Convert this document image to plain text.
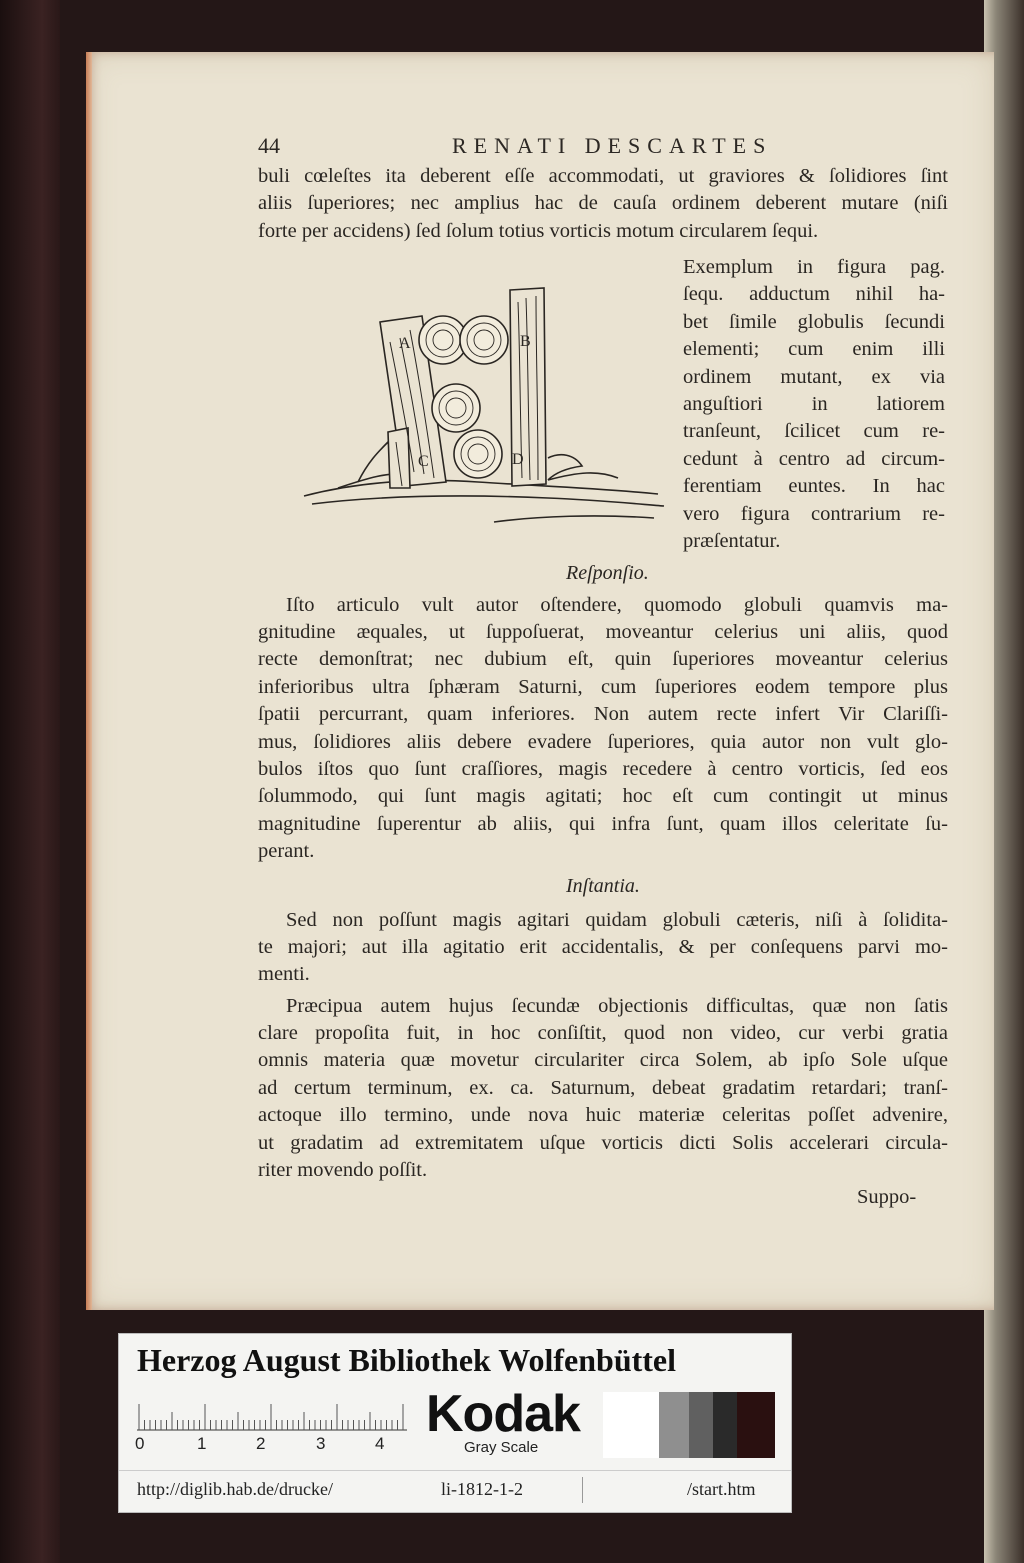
44	RENATI DESCARTES
buli cœleſtes ita deberent eſſe accommodati, ut graviores & ſolidiores ſint
aliis ſuperiores; nec amplius hac de cauſa ordinem deberent mutare (niſi
forte per accidens) ſed ſolum totius vorticis motum circularem ſequi.
A	B
C	D
Exemplum in figura pag.
ſequ. adductum nihil ha-
bet ſimile globulis ſecundi
elementi; cum enim illi
ordinem mutant, ex via
anguſtiori in latiorem
tranſeunt, ſcilicet cum re-
cedunt à centro ad circum-
ferentiam euntes. In hac
vero figura contrarium re-
præſentatur.
Reſponſio.
Iſto articulo vult autor oſtendere, quomodo globuli quamvis ma-
gnitudine æquales, ut ſuppoſuerat, moveantur celerius uni aliis, quod
recte demonſtrat; nec dubium eſt, quin ſuperiores moveantur celerius
inferioribus ultra ſphæram Saturni, cum ſuperiores eodem tempore plus
ſpatii percurrant, quam inferiores. Non autem recte infert Vir Clariſſi-
mus, ſolidiores aliis debere evadere ſuperiores, quia autor non vult glo-
bulos iſtos quo ſunt craſſiores, magis recedere à centro vorticis, ſed eos
ſolummodo, qui ſunt magis agitati; hoc eſt cum contingit ut minus
magnitudine ſuperentur ab aliis, qui infra ſunt, quam illos celeritate ſu-
perant.
Inſtantia.
Sed non poſſunt magis agitari quidam globuli cæteris, niſi à ſolidita-
te majori; aut illa agitatio erit accidentalis, & per conſequens parvi mo-
menti.
Præcipua autem hujus ſecundæ objectionis difficultas, quæ non ſatis
clare propoſita fuit, in hoc conſiſtit, quod non video, cur verbi gratia
omnis materia quæ movetur circulariter circa Solem, ab ipſo Sole uſque
ad certum terminum, ex. ca. Saturnum, debeat gradatim retardari; tranſ-
actoque illo termino, unde nova huic materiæ celeritas poſſet advenire,
ut gradatim ad extremitatem uſque vorticis dicti Solis accelerari circula-
riter movendo poſſit.
Suppo-
Herzog August Bibliothek Wolfenbüttel
0	1	2	3	4
Kodak
Gray Scale
http://diglib.hab.de/drucke/	li-1812-1-2	/start.htm
